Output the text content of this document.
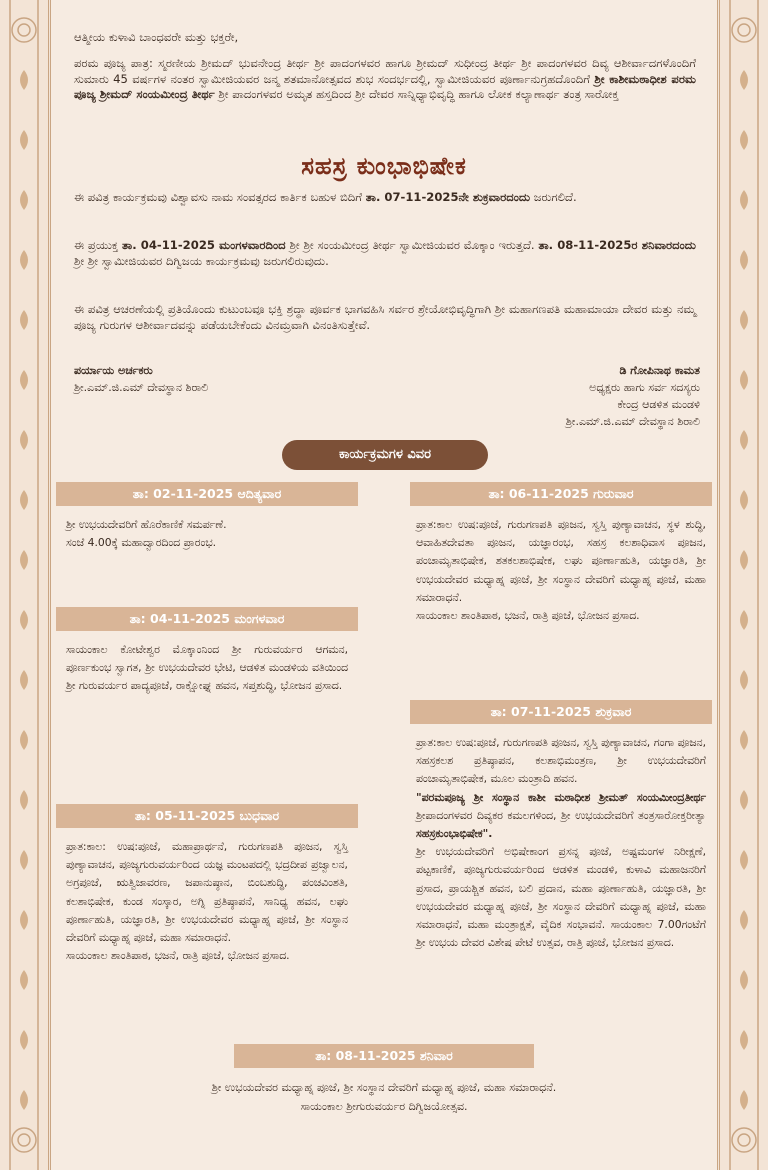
ಆತ್ಮೀಯ ಕುಳಾವಿ ಬಾಂಧವರೇ ಮತ್ತು ಭಕ್ತರೇ,
ಪರಮ ಪೂಜ್ಯ ಪಾತ್ರ: ಸ್ಮರಣೀಯ ಶ್ರೀಮದ್ ಭುವನೇಂದ್ರ ತೀರ್ಥ ಶ್ರೀ ಪಾದಂಗಳವರ ಹಾಗೂ ಶ್ರೀಮದ್ ಸುಧೀಂದ್ರ ತೀರ್ಥ ಶ್ರೀ ಪಾದಂಗಳವರ ದಿವ್ಯ ಆಶೀರ್ವಾದಗಳೊಂದಿಗೆ ಸುಮಾರು 45 ವರ್ಷಗಳ ನಂತರ ಸ್ವಾಮೀಜಿಯವರ ಜನ್ಮ ಶತಮಾನೋತ್ಸವದ ಶುಭ ಸಂದರ್ಭದಲ್ಲಿ, ಸ್ವಾಮೀಜಿಯವರ ಪೂರ್ಣಾನುಗ್ರಹದೊಂದಿಗೆ ಶ್ರೀ ಕಾಶೀಮಠಾಧೀಶ ಪರಮ ಪೂಜ್ಯ ಶ್ರೀಮದ್ ಸಂಯಮೀಂದ್ರ ತೀರ್ಥ ಶ್ರೀ ಪಾದಂಗಳವರ ಅಮೃತ ಹಸ್ತದಿಂದ ಶ್ರೀ ದೇವರ ಸಾನ್ನಿಧ್ಯಾಭಿವೃದ್ಧಿ ಹಾಗೂ ಲೋಕ ಕಲ್ಯಾಣಾರ್ಥ ತಂತ್ರ ಸಾರೋಕ್ತ
ಸಹಸ್ರ ಕುಂಭಾಭಿಷೇಕ
ಈ ಪವಿತ್ರ ಕಾರ್ಯಕ್ರಮವು ವಿಶ್ವಾವಸು ನಾಮ ಸಂವತ್ಸರದ ಕಾರ್ತಿಕ ಬಹುಳ ಬಿದಿಗೆ ತಾ. 07-11-2025ನೇ ಶುಕ್ರವಾರದಂದು ಜರುಗಲಿದೆ.
ಈ ಪ್ರಯುಕ್ತ ತಾ. 04-11-2025 ಮಂಗಳವಾರದಿಂದ ಶ್ರೀ ಶ್ರೀ ಸಂಯಮೀಂದ್ರ ತೀರ್ಥ ಸ್ವಾಮೀಜಿಯವರ ಮೊಕ್ಕಾಂ ಇರುತ್ತದೆ. ತಾ. 08-11-2025ರ ಶನಿವಾರದಂದು ಶ್ರೀ ಶ್ರೀ ಸ್ವಾಮೀಜಿಯವರ ದಿಗ್ವಿಜಯ ಕಾರ್ಯಕ್ರಮವು ಜರುಗಲಿರುವುದು.
ಈ ಪವಿತ್ರ ಆಚರಣೆಯಲ್ಲಿ ಪ್ರತಿಯೊಂದು ಕುಟುಂಬವೂ ಭಕ್ತಿ ಶ್ರದ್ಧಾ ಪೂರ್ವಕ ಭಾಗವಹಿಸಿ ಸರ್ವರ ಶ್ರೇಯೋಭಿವೃದ್ಧಿಗಾಗಿ ಶ್ರೀ ಮಹಾಗಣಪತಿ ಮಹಾಮಾಯಾ ದೇವರ ಮತ್ತು ನಮ್ಮ ಪೂಜ್ಯ ಗುರುಗಳ ಆಶೀರ್ವಾದವನ್ನು ಪಡೆಯಬೇಕೆಂದು ವಿನಮ್ರವಾಗಿ ವಿನಂತಿಸುತ್ತೇವೆ.
ಪರ್ಯಾಯ ಅರ್ಚಕರು
ಶ್ರೀ.ಎಮ್.ಜಿ.ಎಮ್ ದೇವಸ್ಥಾನ ಶಿರಾಲಿ
ಡಿ ಗೋಪಿನಾಥ ಕಾಮತ
ಅಧ್ಯಕ್ಷರು ಹಾಗು ಸರ್ವ ಸದಸ್ಯರು
ಕೇಂದ್ರ ಆಡಳಿತ ಮಂಡಳಿ
ಶ್ರೀ.ಎಮ್.ಜಿ.ಎಮ್ ದೇವಸ್ಥಾನ ಶಿರಾಲಿ
ಕಾರ್ಯಕ್ರಮಗಳ ವಿವರ
ತಾ: 02-11-2025 ಆದಿತ್ಯವಾರ
ಶ್ರೀ ಉಭಯದೇವರಿಗೆ ಹೊರೆಕಾಣಿಕೆ ಸಮರ್ಪಣೆ.
ಸಂಜೆ 4.00ಕ್ಕೆ ಮಹಾದ್ವಾರದಿಂದ ಪ್ರಾರಂಭ.
ತಾ: 04-11-2025 ಮಂಗಳವಾರ
ಸಾಯಂಕಾಲ ಕೋಟೇಶ್ವರ ಮೊಕ್ಕಾಂನಿಂದ ಶ್ರೀ ಗುರುವರ್ಯರ ಆಗಮನ, ಪೂರ್ಣಕುಂಭ ಸ್ವಾಗತ, ಶ್ರೀ ಉಭಯದೇವರ ಭೇಟಿ, ಆಡಳಿತ ಮಂಡಳಿಯ ವತಿಯಿಂದ ಶ್ರೀ ಗುರುವರ್ಯರ ಪಾದ್ಯಪೂಜೆ, ರಾಕ್ಷೋಘ್ನ ಹವನ, ಸಪ್ತಶುದ್ಧಿ, ಭೋಜನ ಪ್ರಸಾದ.
ತಾ: 05-11-2025 ಬುಧವಾರ
ಪ್ರಾತ:ಕಾಲ: ಉಷ:ಪೂಜೆ, ಮಹಾಪ್ರಾರ್ಥನೆ, ಗುರುಗಣಪತಿ ಪೂಜನ, ಸ್ವಸ್ತಿ ಪುಣ್ಯಾವಾಚನ, ಪೂಜ್ಯಗುರುವರ್ಯರಿಂದ ಯಜ್ಞ ಮಂಟಪದಲ್ಲಿ ಭದ್ರದೀಪ ಪ್ರಜ್ವಾಲನ, ಅಗ್ರಪೂಜೆ, ಋತ್ವಿಜಾವರಣ, ಜಪಾನುಷ್ಠಾನ, ಬಿಂಬಶುದ್ಧಿ, ಪಂಚವಿಂಶತಿ, ಕಲಶಾಭಿಷೇಕ, ಕುಂಡ ಸಂಸ್ಕಾರ, ಅಗ್ನಿ ಪ್ರತಿಷ್ಠಾಪನೆ, ಸಾನಿಧ್ಯ ಹವನ, ಲಘು ಪೂರ್ಣಾಹುತಿ, ಯಜ್ಞಾರತಿ, ಶ್ರೀ ಉಭಯದೇವರ ಮಧ್ಯಾಹ್ನ ಪೂಜೆ, ಶ್ರೀ ಸಂಸ್ಥಾನ ದೇವರಿಗೆ ಮಧ್ಯಾಹ್ನ ಪೂಜೆ, ಮಹಾ ಸಮಾರಾಧನೆ.
ಸಾಯಂಕಾಲ ಶಾಂತಿಪಾಠ, ಭಜನೆ, ರಾತ್ರಿ ಪೂಜೆ, ಭೋಜನ ಪ್ರಸಾದ.
ತಾ: 06-11-2025 ಗುರುವಾರ
ಪ್ರಾತ:ಕಾಲ ಉಷ:ಪೂಜೆ, ಗುರುಗಣಪತಿ ಪೂಜನ, ಸ್ವಸ್ತಿ ಪುಣ್ಯಾವಾಚನ, ಸ್ಥಳ ಶುದ್ಧಿ, ಆವಾಹಿತದೇವತಾ ಪೂಜನ, ಯಜ್ಞಾರಂಭ, ಸಹಸ್ರ ಕಲಶಾಧಿವಾಸ ಪೂಜನ, ಪಂಚಾಮೃತಾಭಿಷೇಕ, ಶತಕಲಶಾಭಿಷೇಕ, ಲಘು ಪೂರ್ಣಾಹುತಿ, ಯಜ್ಞಾರತಿ, ಶ್ರೀ ಉಭಯದೇವರ ಮಧ್ಯಾಹ್ನ ಪೂಜೆ, ಶ್ರೀ ಸಂಸ್ಥಾನ ದೇವರಿಗೆ ಮಧ್ಯಾಹ್ನ ಪೂಜೆ, ಮಹಾ ಸಮಾರಾಧನೆ.
ಸಾಯಂಕಾಲ ಶಾಂತಿಪಾಠ, ಭಜನೆ, ರಾತ್ರಿ ಪೂಜೆ, ಭೋಜನ ಪ್ರಸಾದ.
ತಾ: 07-11-2025 ಶುಕ್ರವಾರ
ಪ್ರಾತ:ಕಾಲ ಉಷ:ಪೂಜೆ, ಗುರುಗಣಪತಿ ಪೂಜನ, ಸ್ವಸ್ತಿ ಪುಣ್ಯಾವಾಚನ, ಗಂಗಾ ಪೂಜನ, ಸಹಸ್ರಕಲಶ ಪ್ರತಿಷ್ಠಾಪನ, ಕಲಶಾಭಿಮಂತ್ರಣ, ಶ್ರೀ ಉಭಯದೇವರಿಗೆ ಪಂಚಾಮೃತಾಭಿಷೇಕ, ಮೂಲ ಮಂತ್ರಾದಿ ಹವನ.
"ಪರಮಪೂಜ್ಯ ಶ್ರೀ ಸಂಸ್ಥಾನ ಕಾಶೀ ಮಠಾಧೀಶ ಶ್ರೀಮತ್ ಸಂಯಮೀಂದ್ರತೀರ್ಥ ಶ್ರೀಪಾದಂಗಳವರ ದಿವ್ಯಕರ ಕಮಲಗಳಿಂದ, ಶ್ರೀ ಉಭಯದೇವರಿಗೆ ತಂತ್ರಸಾರೋಕ್ತರೀತ್ಯಾ ಸಹಸ್ರಕುಂಭಾಭಿಷೇಕ".
ಶ್ರೀ ಉಭಯದೇವರಿಗೆ ಅಭಿಷೇಕಾಂಗ ಪ್ರಸನ್ನ ಪೂಜೆ, ಅಷ್ಟಮಂಗಳ ನಿರೀಕ್ಷಣೆ, ಪಟ್ಟಕಾಣಿಕೆ, ಪೂಜ್ಯಗುರುವರ್ಯರಿಂದ ಆಡಳಿತ ಮಂಡಳಿ, ಕುಳಾವಿ ಮಹಾಜನರಿಗೆ ಪ್ರಸಾದ, ಪ್ರಾಯಶ್ಚಿತ ಹವನ, ಬಲಿ ಪ್ರದಾನ, ಮಹಾ ಪೂರ್ಣಾಹುತಿ, ಯಜ್ಞಾರತಿ, ಶ್ರೀ ಉಭಯದೇವರ ಮಧ್ಯಾಹ್ನ ಪೂಜೆ, ಶ್ರೀ ಸಂಸ್ಥಾನ ದೇವರಿಗೆ ಮಧ್ಯಾಹ್ನ ಪೂಜೆ, ಮಹಾ ಸಮಾರಾಧನೆ, ಮಹಾ ಮಂತ್ರಾಕ್ಷತೆ, ವೈದಿಕ ಸಂಭಾವನೆ. ಸಾಯಂಕಾಲ 7.00ಗಂಟೆಗೆ ಶ್ರೀ ಉಭಯ ದೇವರ ವಿಶೇಷ ಪೇಟೆ ಉತ್ಸವ, ರಾತ್ರಿ ಪೂಜೆ, ಭೋಜನ ಪ್ರಸಾದ.
ತಾ: 08-11-2025 ಶನಿವಾರ
ಶ್ರೀ ಉಭಯದೇವರ ಮಧ್ಯಾಹ್ನ ಪೂಜೆ, ಶ್ರೀ ಸಂಸ್ಥಾನ ದೇವರಿಗೆ ಮಧ್ಯಾಹ್ನ ಪೂಜೆ, ಮಹಾ ಸಮಾರಾಧನೆ.
ಸಾಯಂಕಾಲ ಶ್ರೀಗುರುವರ್ಯರ ದಿಗ್ವಿಜಯೋತ್ಸವ.
